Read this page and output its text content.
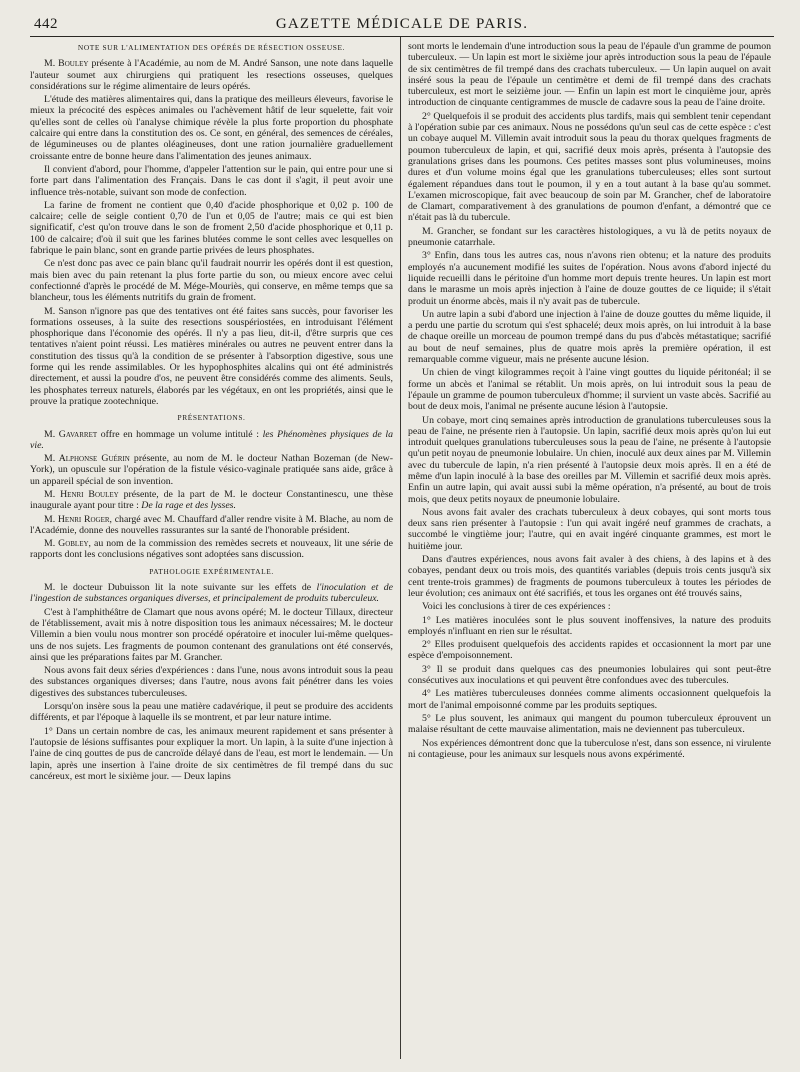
442	GAZETTE MÉDICALE DE PARIS.
NOTE SUR L'ALIMENTATION DES OPÉRÉS DE RÉSECTION OSSEUSE.

M. Bouley présente à l'Académie, au nom de M. André Sanson, une note dans laquelle l'auteur soumet aux chirurgiens qui pratiquent les resections osseuses, quelques considérations sur le régime alimentaire de leurs opérés.

L'étude des matières alimentaires qui, dans la pratique des meilleurs éleveurs, favorise le mieux la précocité des espèces animales ou l'achèvement hâtif de leur squelette, fait voir qu'elles sont de celles où l'analyse chimique révèle la plus forte proportion du phosphate calcaire qui entre dans la constitution des os. Ce sont, en général, des semences de céréales, de légumineuses ou de plantes oléagineuses, dont une ration journalière graduellement croissante entre de bonne heure dans l'alimentation des jeunes animaux.

Il convient d'abord, pour l'homme, d'appeler l'attention sur le pain, qui entre pour une si forte part dans l'alimentation des Français. Dans le cas dont il s'agit, il peut avoir une influence très-notable, suivant son mode de confection.

La farine de froment ne contient que 0,40 d'acide phosphorique et 0,02 p. 100 de calcaire; celle de seigle contient 0,70 de l'un et 0,05 de l'autre; mais ce qui est bien significatif, c'est qu'on trouve dans le son de froment 2,50 d'acide phosphorique et 0,11 p. 100 de calcaire; d'où il suit que les farines blutées comme le sont celles avec lesquelles on fabrique le pain blanc, sont en grande partie privées de leurs phosphates.

Ce n'est donc pas avec ce pain blanc qu'il faudrait nourrir les opérés dont il est question, mais bien avec du pain retenant la plus forte partie du son, ou mieux encore avec celui confectionné d'après le procédé de M. Mége-Mouriès, qui conserve, en même temps que sa blancheur, tous les éléments nutritifs du grain de froment.

M. Sanson n'ignore pas que des tentatives ont été faites sans succès, pour favoriser les formations osseuses, à la suite des resections souspériostées, en introduisant l'élément phosphorique dans l'économie des opérés. Il n'y a pas lieu, dit-il, d'être surpris que ces tentatives n'aient point réussi. Les matières minérales ou autres ne peuvent entrer dans la constitution des tissus qu'à la condition de se présenter à l'absorption digestive, sous une forme qui les rende assimilables. Or les hypophosphites alcalins qui ont été administrés directement, et aussi la poudre d'os, ne peuvent être considérés comme des aliments. Seuls, les phosphates terreux naturels, élaborés par les végétaux, en ont les propriétés, ainsi que le prouve la pratique zootechnique.

PRÉSENTATIONS.

M. Gavarret offre en hommage un volume intitulé : les Phénomènes physiques de la vie.

M. Alphonse Guérin présente, au nom de M. le docteur Nathan Bozeman (de New-York), un opuscule sur l'opération de la fistule vésico-vaginale pratiquée sans aide, grâce à un appareil spécial de son invention.

M. Henri Bouley présente, de la part de M. le docteur Constantinescu, une thèse inaugurale ayant pour titre : De la rage et des lysses.

M. Henri Roger, chargé avec M. Chauffard d'aller rendre visite à M. Blache, au nom de l'Académie, donne des nouvelles rassurantes sur la santé de l'honorable président.

M. Gobley, au nom de la commission des remèdes secrets et nouveaux, lit une série de rapports dont les conclusions négatives sont adoptées sans discussion.

PATHOLOGIE EXPÉRIMENTALE.

M. le docteur Dubuisson lit la note suivante sur les effets de l'inoculation et de l'ingestion de substances organiques diverses, et principalement de produits tuberculeux.

C'est à l'amphithéâtre de Clamart que nous avons opéré; M. le docteur Tillaux, directeur de l'établissement, avait mis à notre disposition tous les animaux nécessaires; M. le docteur Villemin a bien voulu nous montrer son procédé opératoire et inoculer lui-même quelques-uns de nos sujets. Les fragments de poumon contenant des granulations ont été conservés, ainsi que les préparations faites par M. Grancher.

Nous avons fait deux séries d'expériences : dans l'une, nous avons introduit sous la peau des substances organiques diverses; dans l'autre, nous avons fait pénétrer dans les voies digestives des substances tuberculeuses.

Lorsqu'on insère sous la peau une matière cadavérique, il peut se produire des accidents différents, et par l'époque à laquelle ils se montrent, et par leur nature intime.

1° Dans un certain nombre de cas, les animaux meurent rapidement et sans présenter à l'autopsie de lésions suffisantes pour expliquer la mort. Un lapin, à la suite d'une injection à l'aine de cinq gouttes de pus de cancroïde délayé dans de l'eau, est mort le lendemain. — Un lapin, après une insertion à l'aine droite de six centimètres de fil trempé dans du suc cancéreux, est mort le sixième jour. — Deux lapins

sont morts le lendemain d'une introduction sous la peau de l'épaule d'un gramme de poumon tuberculeux. — Un lapin est mort le sixième jour après introduction sous la peau de l'épaule de six centimètres de fil trempé dans des crachats tuberculeux. — Un lapin auquel on avait inséré sous la peau de l'épaule un centimètre et demi de fil trempé dans des crachats tuberculeux, est mort le seizième jour. — Enfin un lapin est mort le cinquième jour, après introduction de cinquante centigrammes de muscle de cadavre sous la peau de l'aine droite.

2° Quelquefois il se produit des accidents plus tardifs, mais qui semblent tenir cependant à l'opération subie par ces animaux. Nous ne possédons qu'un seul cas de cette espèce : c'est un cobaye auquel M. Villemin avait introduit sous la peau du thorax quelques fragments de poumon tuberculeux de lapin, et qui, sacrifié deux mois après, présenta à l'autopsie des granulations grises dans les poumons. Ces petites masses sont plus volumineuses, moins dures et d'un volume moins égal que les granulations tuberculeuses; elles sont surtout également répandues dans tout le poumon, il y en a tout autant à la base qu'au sommet. L'examen microscopique, fait avec beaucoup de soin par M. Grancher, chef de laboratoire de Clamart, comparativement à des granulations de poumon d'enfant, a démontré que ce n'était pas là du tubercule.

M. Grancher, se fondant sur les caractères histologiques, a vu là de petits noyaux de pneumonie catarrhale.

3° Enfin, dans tous les autres cas, nous n'avons rien obtenu; et la nature des produits employés n'a aucunement modifié les suites de l'opération. Nous avons d'abord injecté du liquide recueilli dans le péritoine d'un homme mort depuis trente heures. Un lapin est mort dans le marasme un mois après injection à l'aine de douze gouttes de ce liquide; il s'était produit un énorme abcès, mais il n'y avait pas de tubercule.

Un autre lapin a subi d'abord une injection à l'aine de douze gouttes du même liquide, il a perdu une partie du scrotum qui s'est sphacelé; deux mois après, on lui introduit à la base de chaque oreille un morceau de poumon trempé dans du pus d'abcès métastatique; sacrifié au bout de neuf semaines, plus de quatre mois après la première opération, il est remarquable comme vigueur, mais ne présente aucune lésion.

Un chien de vingt kilogrammes reçoit à l'aine vingt gouttes du liquide péritonéal; il se forme un abcès et l'animal se rétablit. Un mois après, on lui introduit sous la peau de l'épaule un gramme de poumon tuberculeux d'homme; il survient un vaste abcès. Sacrifié au bout de deux mois, l'animal ne présente aucune lésion à l'autopsie.

Un cobaye, mort cinq semaines après introduction de granulations tuberculeuses sous la peau de l'aine, ne présente rien à l'autopsie. Un lapin, sacrifié deux mois après qu'on lui eut introduit quelques granulations tuberculeuses sous la peau de l'aine, ne présente à l'autopsie qu'un petit noyau de pneumonie lobulaire. Un chien, inoculé aux deux aines par M. Villemin avec du tubercule de lapin, n'a rien présenté à l'autopsie deux mois après. Il en a été de même d'un lapin inoculé à la base des oreilles par M. Villemin et sacrifié deux mois après. Enfin un autre lapin, qui avait aussi subi la même opération, n'a présenté, au bout de trois mois, que deux petits noyaux de pneumonie lobulaire.

Nous avons fait avaler des crachats tuberculeux à deux cobayes, qui sont morts tous deux sans rien présenter à l'autopsie : l'un qui avait ingéré neuf grammes de crachats, a succombé le vingtième jour; l'autre, qui en avait ingéré cinquante grammes, est mort le huitième jour.

Dans d'autres expériences, nous avons fait avaler à des chiens, à des lapins et à des cobayes, pendant deux ou trois mois, des quantités variables (depuis trois cents jusqu'à six cent trente-trois grammes) de fragments de poumons tuberculeux à toutes les périodes de leur évolution; ces animaux ont été sacrifiés, et tous les organes ont été trouvés sains,

Voici les conclusions à tirer de ces expériences :

1° Les matières inoculées sont le plus souvent inoffensives, la nature des produits employés n'influant en rien sur le résultat.

2° Elles produisent quelquefois des accidents rapides et occasionnent la mort par une espèce d'empoisonnement.

3° Il se produit dans quelques cas des pneumonies lobulaires qui sont peut-être consécutives aux inoculations et qui peuvent être confondues avec des tubercules.

4° Les matières tuberculeuses données comme aliments occasionnent quelquefois la mort de l'animal empoisonné comme par les produits septiques.

5° Le plus souvent, les animaux qui mangent du poumon tuberculeux éprouvent un malaise résultant de cette mauvaise alimentation, mais ne deviennent pas tuberculeux.

Nos expériences démontrent donc que la tuberculose n'est, dans son essence, ni virulente ni contagieuse, pour les animaux sur lesquels nous avons expérimenté.
